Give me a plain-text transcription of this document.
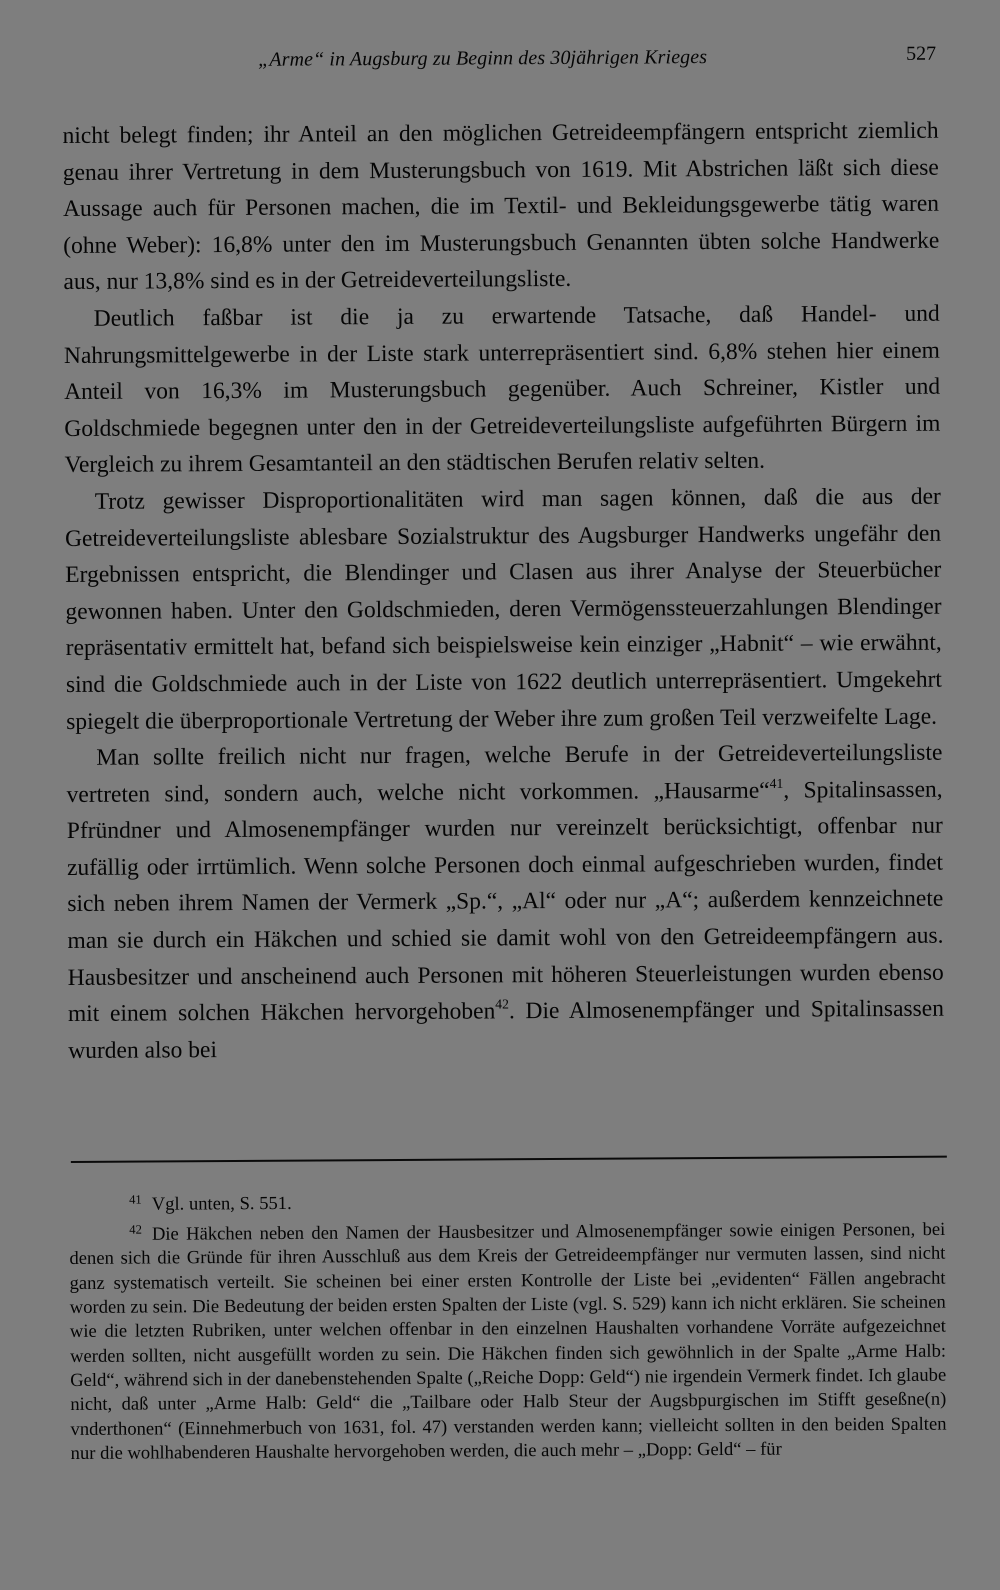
„Arme“ in Augsburg zu Beginn des 30jährigen Krieges	527

nicht belegt finden; ihr Anteil an den möglichen Getreideempfängern entspricht ziemlich genau ihrer Vertretung in dem Musterungsbuch von 1619. Mit Abstrichen läßt sich diese Aussage auch für Personen machen, die im Textil- und Bekleidungsgewerbe tätig waren (ohne Weber): 16,8% unter den im Musterungsbuch Genannten übten solche Handwerke aus, nur 13,8% sind es in der Getreideverteilungsliste.

Deutlich faßbar ist die ja zu erwartende Tatsache, daß Handel- und Nahrungsmittelgewerbe in der Liste stark unterrepräsentiert sind. 6,8% stehen hier einem Anteil von 16,3% im Musterungsbuch gegenüber. Auch Schreiner, Kistler und Goldschmiede begegnen unter den in der Getreideverteilungsliste aufgeführten Bürgern im Vergleich zu ihrem Gesamtanteil an den städtischen Berufen relativ selten.

Trotz gewisser Disproportionalitäten wird man sagen können, daß die aus der Getreideverteilungsliste ablesbare Sozialstruktur des Augsburger Handwerks ungefähr den Ergebnissen entspricht, die Blendinger und Clasen aus ihrer Analyse der Steuerbücher gewonnen haben. Unter den Goldschmieden, deren Vermögenssteuerzahlungen Blendinger repräsentativ ermittelt hat, befand sich beispielsweise kein einziger „Habnit“ – wie erwähnt, sind die Goldschmiede auch in der Liste von 1622 deutlich unterrepräsentiert. Umgekehrt spiegelt die überproportionale Vertretung der Weber ihre zum großen Teil verzweifelte Lage.

Man sollte freilich nicht nur fragen, welche Berufe in der Getreideverteilungsliste vertreten sind, sondern auch, welche nicht vorkommen. „Hausarme“$^{41}$, Spitalinsassen, Pfründner und Almosenempfänger wurden nur vereinzelt berücksichtigt, offenbar nur zufällig oder irrtümlich. Wenn solche Personen doch einmal aufgeschrieben wurden, findet sich neben ihrem Namen der Vermerk „Sp.“, „Al“ oder nur „A“; außerdem kennzeichnete man sie durch ein Häkchen und schied sie damit wohl von den Getreideempfängern aus. Hausbesitzer und anscheinend auch Personen mit höheren Steuerleistungen wurden ebenso mit einem solchen Häkchen hervorgehoben$^{42}$. Die Almosenempfänger und Spitalinsassen wurden also bei

41 Vgl. unten, S. 551.

42 Die Häkchen neben den Namen der Hausbesitzer und Almosenempfänger sowie einigen Personen, bei denen sich die Gründe für ihren Ausschluß aus dem Kreis der Getreideempfänger nur vermuten lassen, sind nicht ganz systematisch verteilt. Sie scheinen bei einer ersten Kontrolle der Liste bei „evidenten“ Fällen angebracht worden zu sein. Die Bedeutung der beiden ersten Spalten der Liste (vgl. S. 529) kann ich nicht erklären. Sie scheinen wie die letzten Rubriken, unter welchen offenbar in den einzelnen Haushalten vorhandene Vorräte aufgezeichnet werden sollten, nicht ausgefüllt worden zu sein. Die Häkchen finden sich gewöhnlich in der Spalte „Arme Halb: Geld“, während sich in der danebenstehenden Spalte („Reiche Dopp: Geld“) nie irgendein Vermerk findet. Ich glaube nicht, daß unter „Arme Halb: Geld“ die „Tailbare oder Halb Steur der Augsbpurgischen im Stifft geseßne(n) vnderthonen“ (Einnehmerbuch von 1631, fol. 47) verstanden werden kann; vielleicht sollten in den beiden Spalten nur die wohlhabenderen Haushalte hervorgehoben werden, die auch mehr – „Dopp: Geld“ – für
